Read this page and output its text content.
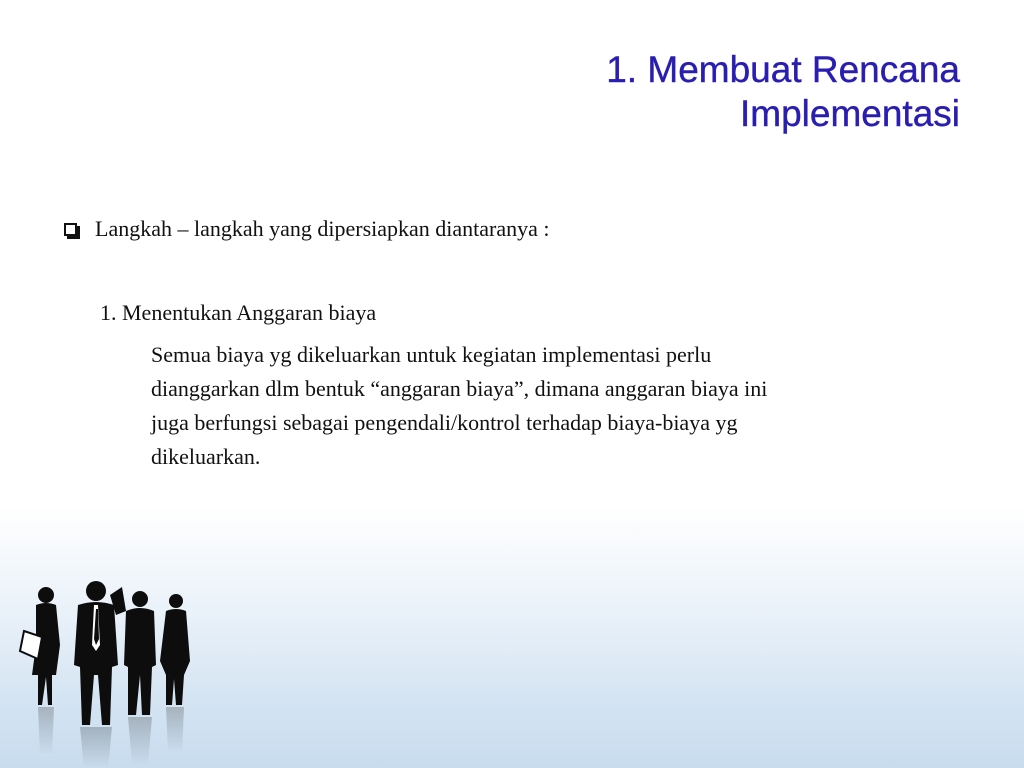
1. Membuat Rencana
Implementasi
Langkah – langkah yang dipersiapkan diantaranya :
1. Menentukan Anggaran biaya

Semua biaya yg dikeluarkan untuk kegiatan implementasi perlu
dianggarkan dlm bentuk “anggaran biaya”, dimana anggaran biaya ini
juga berfungsi sebagai pengendali/kontrol terhadap biaya-biaya yg
dikeluarkan.
